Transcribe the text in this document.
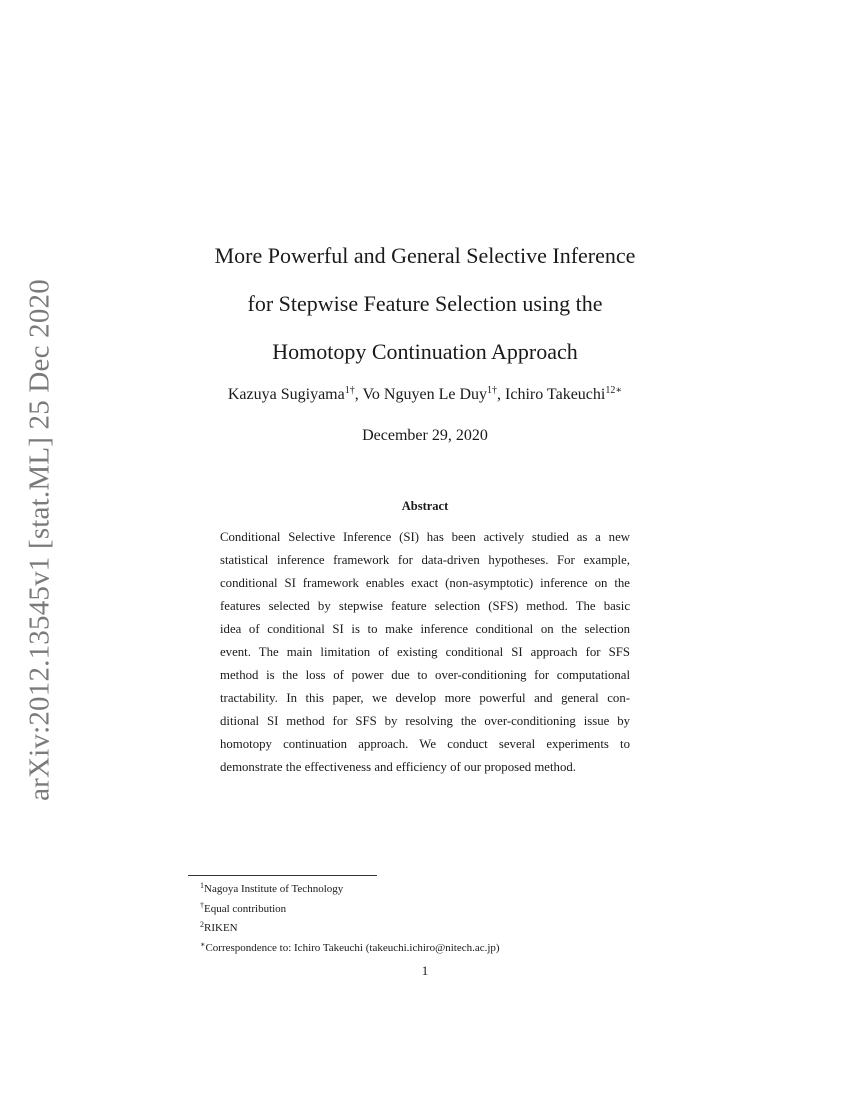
arXiv:2012.13545v1 [stat.ML] 25 Dec 2020
More Powerful and General Selective Inference
for Stepwise Feature Selection using the
Homotopy Continuation Approach
Kazuya Sugiyama$^{1\dagger}$, Vo Nguyen Le Duy$^{1\dagger}$, Ichiro Takeuchi$^{12∗}$
December 29, 2020
Abstract
Conditional Selective Inference (SI) has been actively studied as a new
statistical inference framework for data-driven hypotheses. For example,
conditional SI framework enables exact (non-asymptotic) inference on the
features selected by stepwise feature selection (SFS) method. The basic
idea of conditional SI is to make inference conditional on the selection
event. The main limitation of existing conditional SI approach for SFS
method is the loss of power due to over-conditioning for computational
tractability. In this paper, we develop more powerful and general con-
ditional SI method for SFS by resolving the over-conditioning issue by
homotopy continuation approach. We conduct several experiments to
demonstrate the effectiveness and efficiency of our proposed method.
$^1$Nagoya Institute of Technology
†Equal contribution
$^2$RIKEN
∗Correspondence to: Ichiro Takeuchi (takeuchi.ichiro@nitech.ac.jp)
1
